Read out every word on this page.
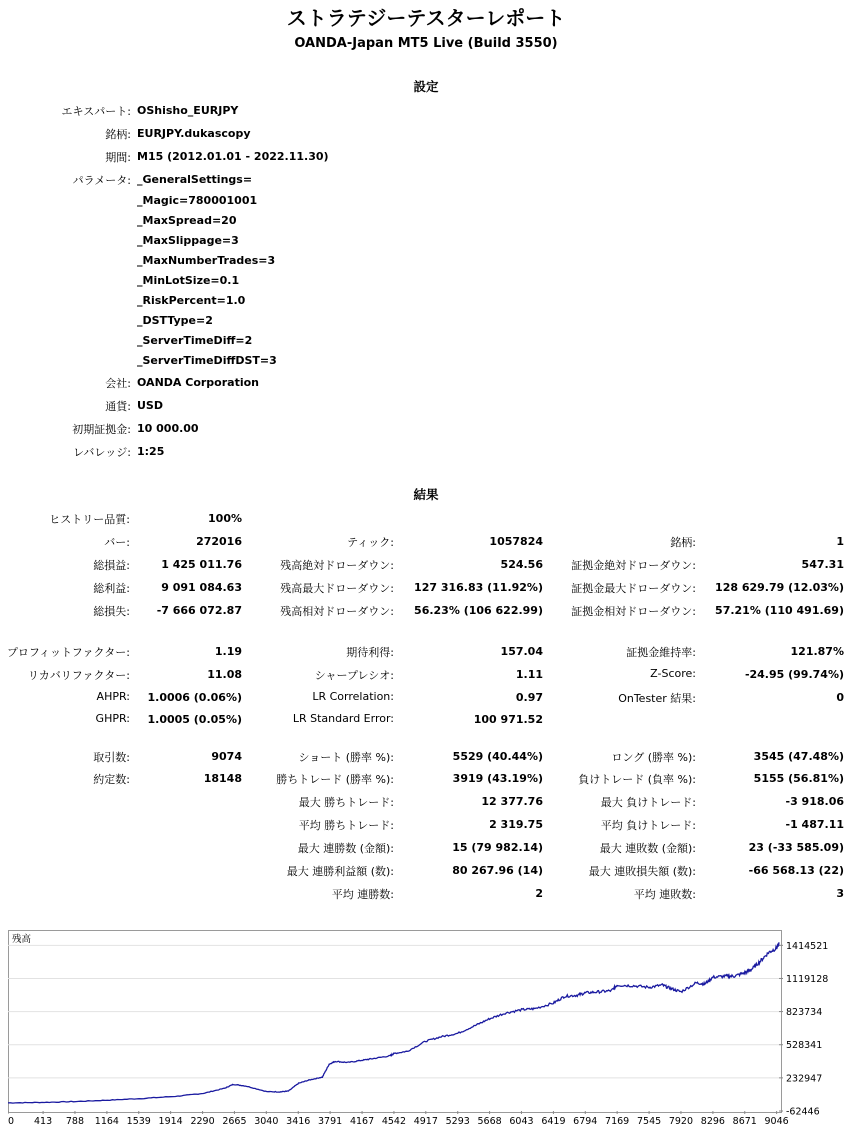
ストラテジーテスターレポート
OANDA-Japan MT5 Live (Build 3550)
設定
エキスパート: OShisho_EURJPY
銘柄: EURJPY.dukascopy
期間: M15 (2012.01.01 - 2022.11.30)
パラメータ: _GeneralSettings=
_Magic=780001001
_MaxSpread=20
_MaxSlippage=3
_MaxNumberTrades=3
_MinLotSize=0.1
_RiskPercent=1.0
_DSTType=2
_ServerTimeDiff=2
_ServerTimeDiffDST=3
会社: OANDA Corporation
通貨: USD
初期証拠金: 10 000.00
レバレッジ: 1:25
結果
ヒストリー品質:	100%
バー:	272016	ティック:	1057824	銘柄:	1
総損益:	1 425 011.76	残高絶対ドローダウン:	524.56	証拠金絶対ドローダウン:	547.31
総利益:	9 091 084.63	残高最大ドローダウン: 127 316.83 (11.92%)	証拠金最大ドローダウン: 128 629.79 (12.03%)
総損失: -7 666 072.87	残高相対ドローダウン: 56.23% (106 622.99)	証拠金相対ドローダウン: 57.21% (110 491.69)
プロフィットファクター:	1.19	期待利得:	157.04	証拠金維持率:	121.87%
リカバリファクター:	11.08	シャープレシオ:	1.11	Z-Score:	-24.95 (99.74%)
AHPR: 1.0006 (0.06%)	LR Correlation:	0.97	OnTester 結果:	0
GHPR: 1.0005 (0.05%)	LR Standard Error:	100 971.52
取引数:	9074	ショート (勝率 %):	5529 (40.44%)	ロング (勝率 %):	3545 (47.48%)
約定数:	18148	勝ちトレード (勝率 %):	3919 (43.19%)	負けトレード (負率 %):	5155 (56.81%)
最大 勝ちトレード:	12 377.76	最大 負けトレード:	-3 918.06
平均 勝ちトレード:	2 319.75	平均 負けトレード:	-1 487.11
最大 連勝数 (金額):	15 (79 982.14)	最大 連敗数 (金額):	23 (-33 585.09)
最大 連勝利益額 (数):	80 267.96 (14)	最大 連敗損失額 (数):	-66 568.13 (22)
平均 連勝数:	2	平均 連敗数:	3
残高
-62446
232947
528341
823734
1119128
1414521
0 413 788 1164 1539 1914 2290 2665 3040 3416 3791 4167 4542 4917 5293 5668 6043 6419 6794 7169 7545 7920 8296 8671 9046
